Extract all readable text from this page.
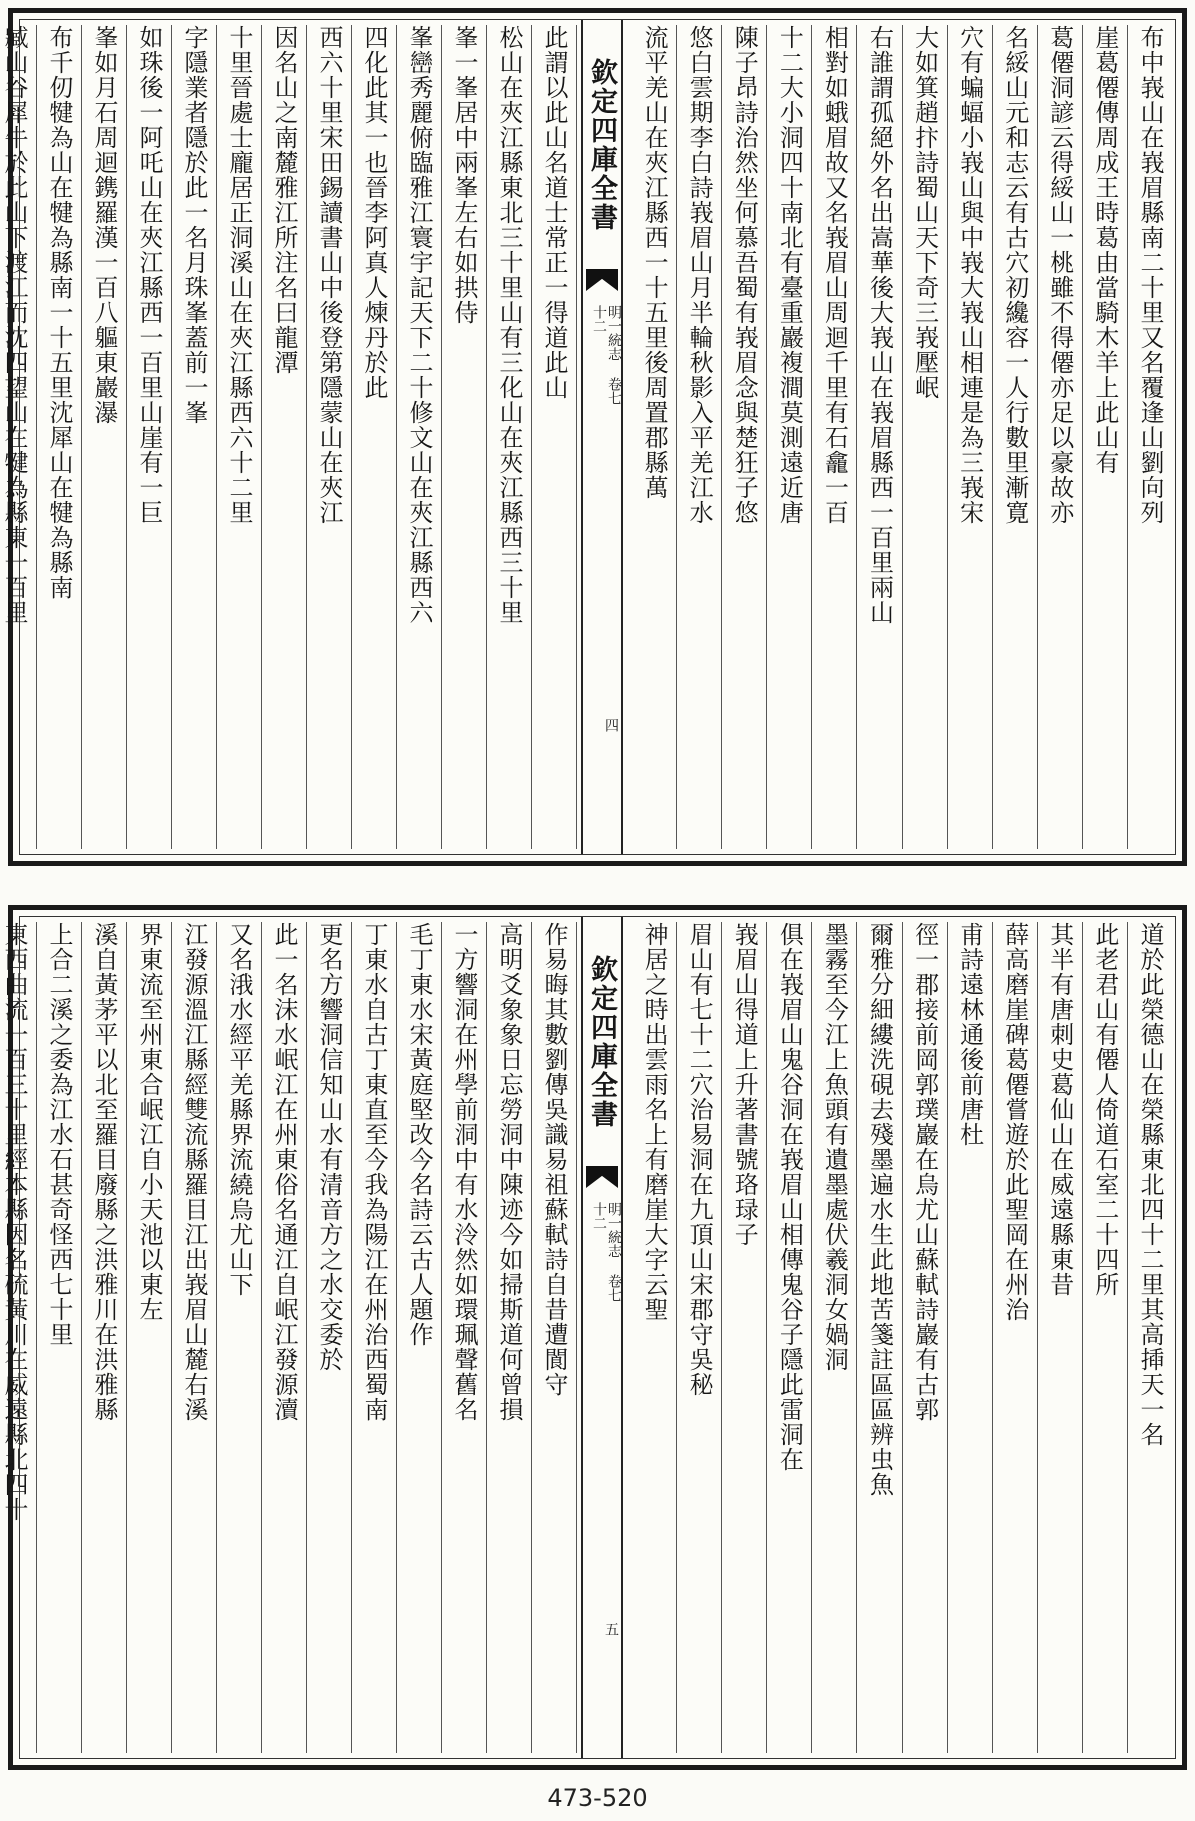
布中峩山在峩眉縣南二十里又名覆逢山劉向列
崖葛僊傳周成王時葛由當騎木羊上此山有
葛僊洞諺云得綏山一桃雖不得僊亦足以豪故亦
名綏山元和志云有古穴初纔容一人行數里漸寛
穴有蝙蝠小峩山與中峩大峩山相連是為三峩宋
大如箕趙抃詩蜀山天下奇三峩壓岷
右誰謂孤絕外名出嵩華後大峩山在峩眉縣西一百里兩山
相對如蛾眉故又名峩眉山周迴千里有石龕一百
十二大小洞四十南北有臺重巖複澗莫測遠近唐
陳子昂詩治然坐何慕吾蜀有峩眉念與楚狂子悠
悠白雲期李白詩峩眉山月半輪秋影入平羌江水
流平羌山在夾江縣西一十五里後周置郡縣萬
欽定四庫全書
明一統志 卷七十二
四
此謂以此山名道士常正一得道此山
松山在夾江縣東北三十里山有三化山在夾江縣西三十里
峯一峯居中兩峯左右如拱侍
峯巒秀麗俯臨雅江寰宇記天下二十修文山在夾江縣西六
四化此其一也晉李阿真人煉丹於此
西六十里宋田錫讀書山中後登第隱蒙山在夾江
因名山之南麓雅江所注名曰龍潭
十里晉處士龐居正洞溪山在夾江縣西六十二里
字隱業者隱於此一名月珠峯蓋前一峯
如珠後一阿吒山在夾江縣西一百里山崖有一巨
峯如月石周迴鎸羅漢一百八軀東巖瀑
布千仞犍為山在犍為縣南一十五里沈犀山在犍為縣南
臧山谷犀牛於此山下渡江而沈四望山在犍為縣東一百里
道於此榮德山在榮縣東北四十二里其高揷天一名
此老君山有僊人倚道石室二十四所
其半有唐刺史葛仙山在威遠縣東昔
薛高磨崖碑葛僊嘗遊於此聖岡在州治
甫詩遠林通後前唐杜
徑一郡接前岡郭璞巖在烏尤山蘇軾詩巖有古郭
爾雅分細縷洗硯去殘墨遍水生此地苦箋註區區辨虫魚
墨霧至今江上魚頭有遺墨處伏羲洞女媧洞
俱在峩眉山鬼谷洞在峩眉山相傳鬼谷子隱此雷洞在
峩眉山得道上升著書號珞琭子
眉山有七十二穴治易洞在九頂山宋郡守吳秘
神居之時出雲雨名上有磨崖大字云聖
欽定四庫全書
明一統志 卷七十二
五
作易晦其數劉傳吳識易祖蘇軾詩自昔遭閬守
高明爻象象日忘勞洞中陳迹今如掃斯道何曾損
一方響洞在州學前洞中有水泠然如環珮聲舊名
毛丁東水宋黃庭堅改今名詩云古人題作
丁東水自古丁東直至今我為陽江在州治西蜀南
更名方響洞信知山水有清音方之水交委於
此一名沫水岷江在州東俗名通江自岷江發源瀆
又名涐水經平羌縣界流繞烏尤山下
江發源溫江縣經雙流縣羅目江出峩眉山麓右溪
界東流至州東合岷江自小天池以東左
溪自黃茅平以北至羅目廢縣之洪雅川在洪雅縣
上合二溪之委為江水石甚奇怪西七十里
東西曲流一百三十里經本縣因名硫黃川在威遠縣北四十
473-520
